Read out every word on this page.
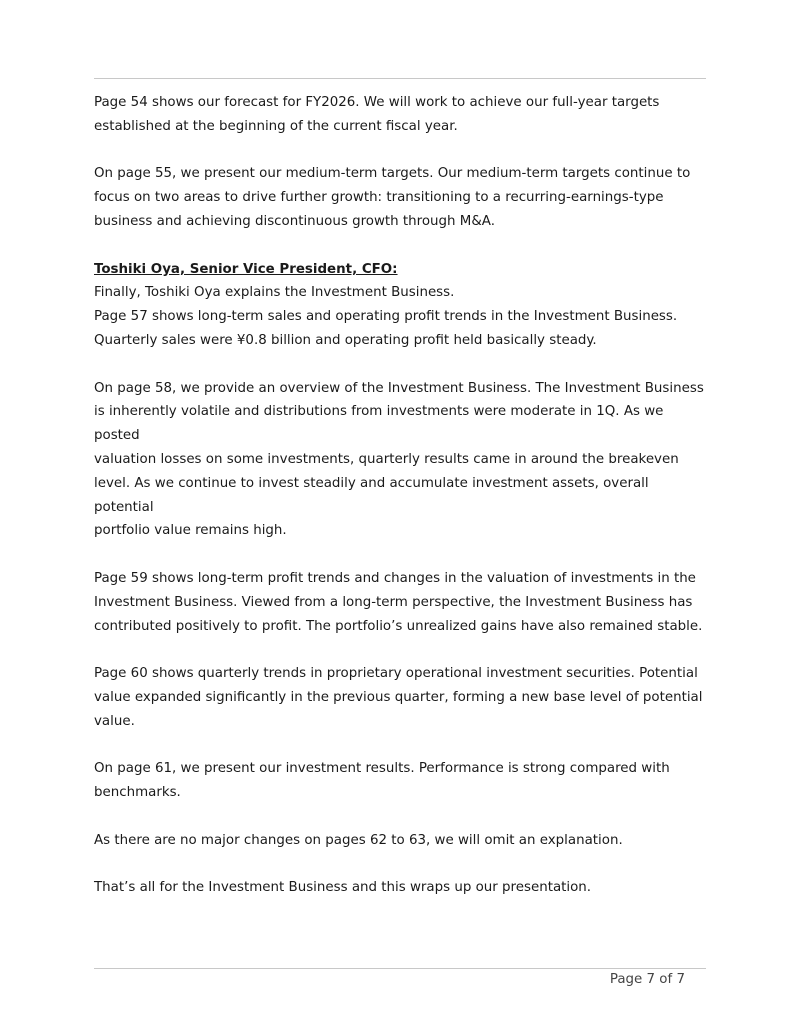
Page 54 shows our forecast for FY2026. We will work to achieve our full-year targets
established at the beginning of the current fiscal year.

On page 55, we present our medium-term targets. Our medium-term targets continue to
focus on two areas to drive further growth: transitioning to a recurring-earnings-type
business and achieving discontinuous growth through M&A.

Toshiki Oya, Senior Vice President, CFO:

Finally, Toshiki Oya explains the Investment Business.
Page 57 shows long-term sales and operating profit trends in the Investment Business.
Quarterly sales were ¥0.8 billion and operating profit held basically steady.

On page 58, we provide an overview of the Investment Business. The Investment Business
is inherently volatile and distributions from investments were moderate in 1Q. As we posted
valuation losses on some investments, quarterly results came in around the breakeven
level. As we continue to invest steadily and accumulate investment assets, overall potential
portfolio value remains high.

Page 59 shows long-term profit trends and changes in the valuation of investments in the
Investment Business. Viewed from a long-term perspective, the Investment Business has
contributed positively to profit. The portfolio’s unrealized gains have also remained stable.

Page 60 shows quarterly trends in proprietary operational investment securities. Potential
value expanded significantly in the previous quarter, forming a new base level of potential
value.

On page 61, we present our investment results. Performance is strong compared with
benchmarks.

As there are no major changes on pages 62 to 63, we will omit an explanation.

That’s all for the Investment Business and this wraps up our presentation.

Page 7 of 7
